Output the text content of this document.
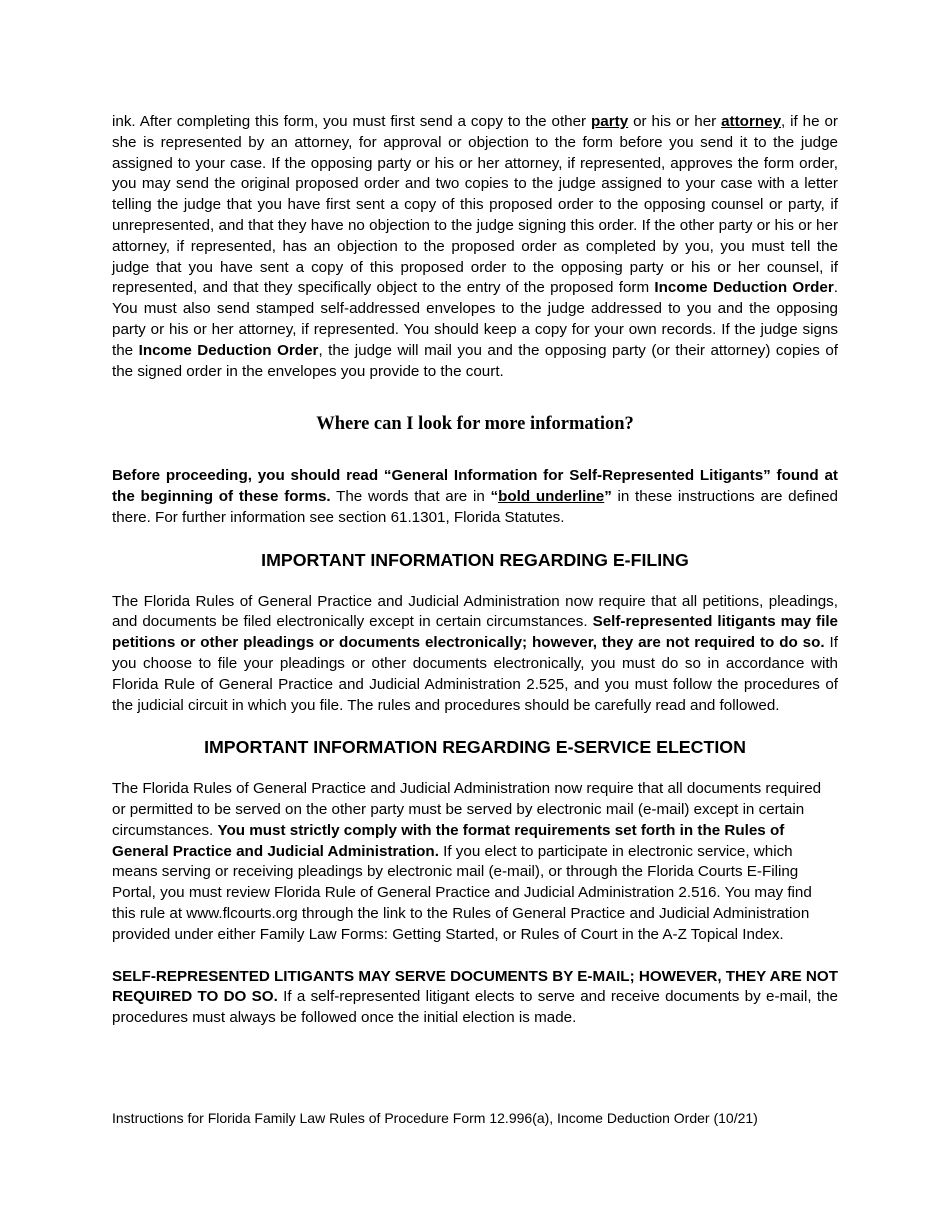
ink. After completing this form, you must first send a copy to the other party or his or her attorney, if he or she is represented by an attorney, for approval or objection to the form before you send it to the judge assigned to your case. If the opposing party or his or her attorney, if represented, approves the form order, you may send the original proposed order and two copies to the judge assigned to your case with a letter telling the judge that you have first sent a copy of this proposed order to the opposing counsel or party, if unrepresented, and that they have no objection to the judge signing this order. If the other party or his or her attorney, if represented, has an objection to the proposed order as completed by you, you must tell the judge that you have sent a copy of this proposed order to the opposing party or his or her counsel, if represented, and that they specifically object to the entry of the proposed form Income Deduction Order. You must also send stamped self-addressed envelopes to the judge addressed to you and the opposing party or his or her attorney, if represented. You should keep a copy for your own records. If the judge signs the Income Deduction Order, the judge will mail you and the opposing party (or their attorney) copies of the signed order in the envelopes you provide to the court.

Where can I look for more information?

Before proceeding, you should read “General Information for Self-Represented Litigants” found at the beginning of these forms. The words that are in “bold underline” in these instructions are defined there. For further information see section 61.1301, Florida Statutes.

IMPORTANT INFORMATION REGARDING E-FILING

The Florida Rules of General Practice and Judicial Administration now require that all petitions, pleadings, and documents be filed electronically except in certain circumstances. Self-represented litigants may file petitions or other pleadings or documents electronically; however, they are not required to do so. If you choose to file your pleadings or other documents electronically, you must do so in accordance with Florida Rule of General Practice and Judicial Administration 2.525, and you must follow the procedures of the judicial circuit in which you file. The rules and procedures should be carefully read and followed.

IMPORTANT INFORMATION REGARDING E-SERVICE ELECTION

The Florida Rules of General Practice and Judicial Administration now require that all documents required or permitted to be served on the other party must be served by electronic mail (e-mail) except in certain circumstances. You must strictly comply with the format requirements set forth in the Rules of General Practice and Judicial Administration. If you elect to participate in electronic service, which means serving or receiving pleadings by electronic mail (e-mail), or through the Florida Courts E-Filing Portal, you must review Florida Rule of General Practice and Judicial Administration 2.516. You may find this rule at www.flcourts.org through the link to the Rules of General Practice and Judicial Administration provided under either Family Law Forms: Getting Started, or Rules of Court in the A-Z Topical Index.

SELF-REPRESENTED LITIGANTS MAY SERVE DOCUMENTS BY E-MAIL; HOWEVER, THEY ARE NOT REQUIRED TO DO SO. If a self-represented litigant elects to serve and receive documents by e-mail, the procedures must always be followed once the initial election is made.

Instructions for Florida Family Law Rules of Procedure Form 12.996(a), Income Deduction Order (10/21)
